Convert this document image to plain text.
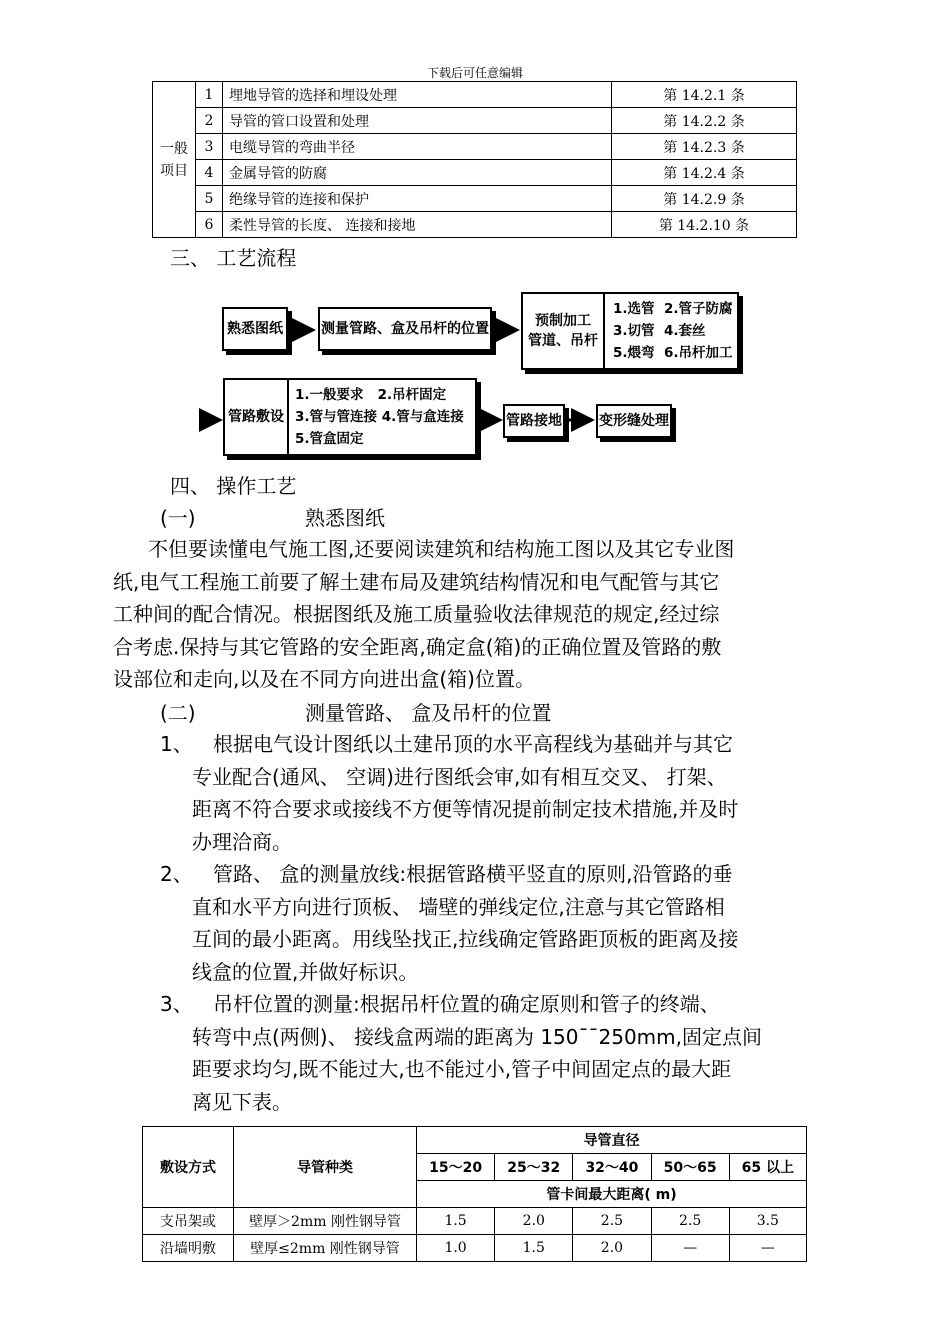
下载后可任意编辑
一般
项目	1	埋地导管的选择和埋设处理	第 14.2.1 条
	2	导管的管口设置和处理	第 14.2.2 条
	3	电缆导管的弯曲半径	第 14.2.3 条
	4	金属导管的防腐	第 14.2.4 条
	5	绝缘导管的连接和保护	第 14.2.9 条
	6	柔性导管的长度、 连接和接地	第 14.2.10 条
三、 工艺流程
熟悉图纸	测量管路、盒及吊杆的位置	预制加工
管道、吊杆
1.选管 2.管子防腐
3.切管 4.套丝
5.煨弯 6.吊杆加工
管路敷设
1.一般要求 2.吊杆固定
3.管与管连接 4.管与盒连接
5.管盒固定
管路接地	变形缝处理
四、 操作工艺
(一)	熟悉图纸
不但要读懂电气施工图,还要阅读建筑和结构施工图以及其它专业图
纸,电气工程施工前要了解土建布局及建筑结构情况和电气配管与其它
工种间的配合情况。根据图纸及施工质量验收法律规范的规定,经过综
合考虑.保持与其它管路的安全距离,确定盒(箱)的正确位置及管路的敷
设部位和走向,以及在不同方向进出盒(箱)位置。
(二)	测量管路、 盒及吊杆的位置
1、	根据电气设计图纸以土建吊顶的水平高程线为基础并与其它
专业配合(通风、 空调)进行图纸会审,如有相互交叉、 打架、
距离不符合要求或接线不方便等情况提前制定技术措施,并及时
办理洽商。
2、	管路、 盒的测量放线:根据管路横平竖直的原则,沿管路的垂
直和水平方向进行顶板、 墙壁的弹线定位,注意与其它管路相
互间的最小距离。用线坠找正,拉线确定管路距顶板的距离及接
线盒的位置,并做好标识。
3、	吊杆位置的测量:根据吊杆位置的确定原则和管子的终端、
转弯中点(两侧)、 接线盒两端的距离为 150¯¯250mm,固定点间
距要求均匀,既不能过大,也不能过小,管子中间固定点的最大距
离见下表。
敷设方式	导管种类	导管直径				
		15～20	25～32	32～40	50～65	65 以上
		管卡间最大距离( m)				
支吊架或	壁厚＞2mm 刚性钢导管	1.5	2.0	2.5	2.5	3.5
沿墙明敷	壁厚≤2mm 刚性钢导管	1.0	1.5	2.0	—	—
